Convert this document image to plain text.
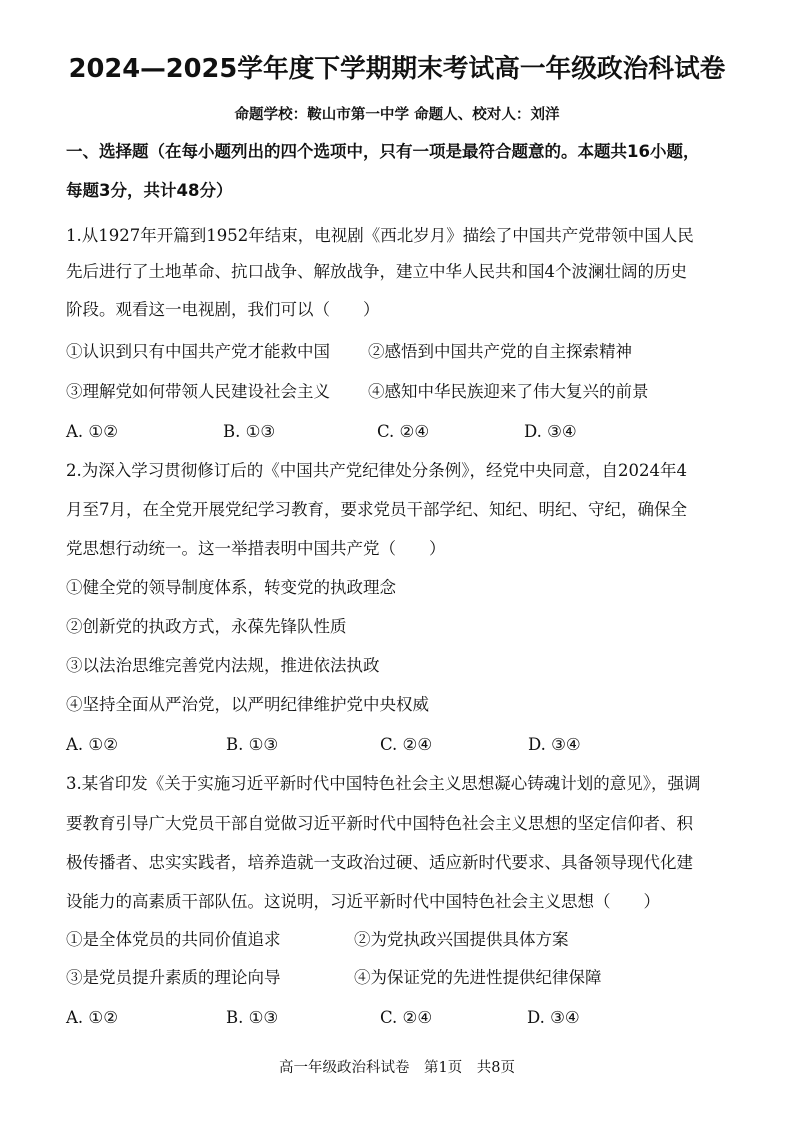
2024—2025学年度下学期期末考试高一年级政治科试卷
命题学校：鞍山市第一中学 命题人、校对人：刘洋
一、选择题（在每小题列出的四个选项中，只有一项是最符合题意的。本题共16小题，
每题3分，共计48分）
1.从1927年开篇到1952年结束，电视剧《西北岁月》描绘了中国共产党带领中国人民
先后进行了土地革命、抗口战争、解放战争，建立中华人民共和国4个波澜壮阔的历史
阶段。观看这一电视剧，我们可以（　　）
①认识到只有中国共产党才能救中国 ②感悟到中国共产党的自主探索精神
③理解党如何带领人民建设社会主义 ④感知中华民族迎来了伟大复兴的前景
A. ①②	B. ①③	C. ②④	D. ③④
2.为深入学习贯彻修订后的《中国共产党纪律处分条例》，经党中央同意，自2024年4
月至7月，在全党开展党纪学习教育，要求党员干部学纪、知纪、明纪、守纪，确保全
党思想行动统一。这一举措表明中国共产党（　　）
①健全党的领导制度体系，转变党的执政理念
②创新党的执政方式，永葆先锋队性质
③以法治思维完善党内法规，推进依法执政
④坚持全面从严治党，以严明纪律维护党中央权威
A. ①②	B. ①③	C. ②④	D. ③④
3.某省印发《关于实施习近平新时代中国特色社会主义思想凝心铸魂计划的意见》，强调
要教育引导广大党员干部自觉做习近平新时代中国特色社会主义思想的坚定信仰者、积
极传播者、忠实实践者，培养造就一支政治过硬、适应新时代要求、具备领导现代化建
设能力的高素质干部队伍。这说明，习近平新时代中国特色社会主义思想（　　）
①是全体党员的共同价值追求	②为党执政兴国提供具体方案
③是党员提升素质的理论向导	④为保证党的先进性提供纪律保障
A. ①②	B. ①③	C. ②④	D. ③④
高一年级政治科试卷　第1页　共8页
